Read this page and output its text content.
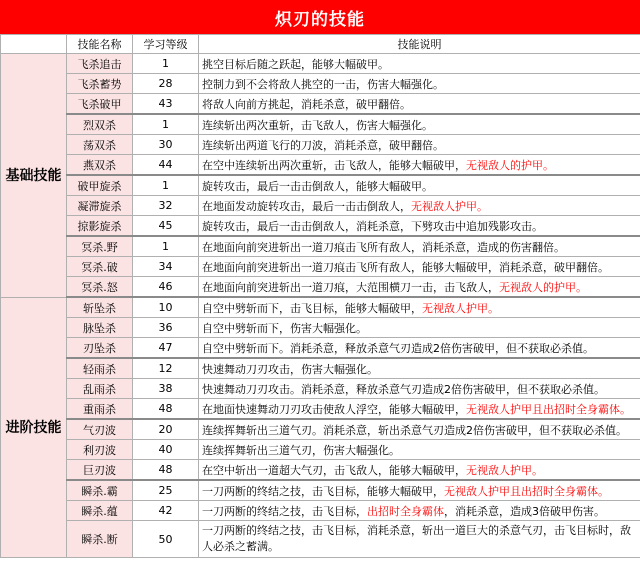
炽刃的技能
	技能名称	学习等级	技能说明
基础技能	飞杀追击	1	挑空目标后随之跃起，能够大幅破甲。
	飞杀蓄势	28	控制力到不会将敌人挑空的一击，伤害大幅强化。
	飞杀破甲	43	将敌人向前方挑起，消耗杀意，破甲翻倍。
	烈双杀	1	连续斩出两次重斩，击飞敌人，伤害大幅强化。
	荡双杀	30	连续斩出两道飞行的刀波，消耗杀意，破甲翻倍。
	燕双杀	44	在空中连续斩出两次重斩，击飞敌人，能够大幅破甲，无视敌人的护甲。
	破甲旋杀	1	旋转攻击，最后一击击倒敌人，能够大幅破甲。
	凝滞旋杀	32	在地面发动旋转攻击，最后一击击倒敌人，无视敌人护甲。
	掠影旋杀	45	旋转攻击，最后一击击倒敌人，消耗杀意，下劈攻击中追加残影攻击。
	冥杀.野	1	在地面向前突进斩出一道刀痕击飞所有敌人，消耗杀意，造成的伤害翻倍。
	冥杀.破	34	在地面向前突进斩出一道刀痕击飞所有敌人，能够大幅破甲，消耗杀意，破甲翻倍。
	冥杀.怒	46	在地面向前突进斩出一道刀痕，大范围横刀一击，击飞敌人，无视敌人的护甲。
进阶技能	斩坠杀	10	自空中劈斩而下，击飞目标，能够大幅破甲，无视敌人护甲。
	脉坠杀	36	自空中劈斩而下，伤害大幅强化。
	刃坠杀	47	自空中劈斩而下。消耗杀意，释放杀意气刃造成2倍伤害破甲，但不获取必杀值。
	轻雨杀	12	快速舞动刀刃攻击，伤害大幅强化。
	乱雨杀	38	快速舞动刀刃攻击。消耗杀意，释放杀意气刃造成2倍伤害破甲，但不获取必杀值。
	重雨杀	48	在地面快速舞动刀刃攻击使敌人浮空，能够大幅破甲，无视敌人护甲且出招时全身霸体。
	气刃波	20	连续挥舞斩出三道气刃。消耗杀意，斩出杀意气刃造成2倍伤害破甲，但不获取必杀值。
	利刃波	40	连续挥舞斩出三道气刃，伤害大幅强化。
	巨刃波	48	在空中斩出一道超大气刃，击飞敌人，能够大幅破甲，无视敌人护甲。
	瞬杀.霸	25	一刀两断的终结之技，击飞目标，能够大幅破甲，无视敌人护甲且出招时全身霸体。
	瞬杀.蕴	42	一刀两断的终结之技，击飞目标，出招时全身霸体，消耗杀意，造成3倍破甲伤害。
	瞬杀.断	50	一刀两断的终结之技，击飞目标，消耗杀意，斩出一道巨大的杀意气刃，击飞目标时，敌人必杀之蓄满。
